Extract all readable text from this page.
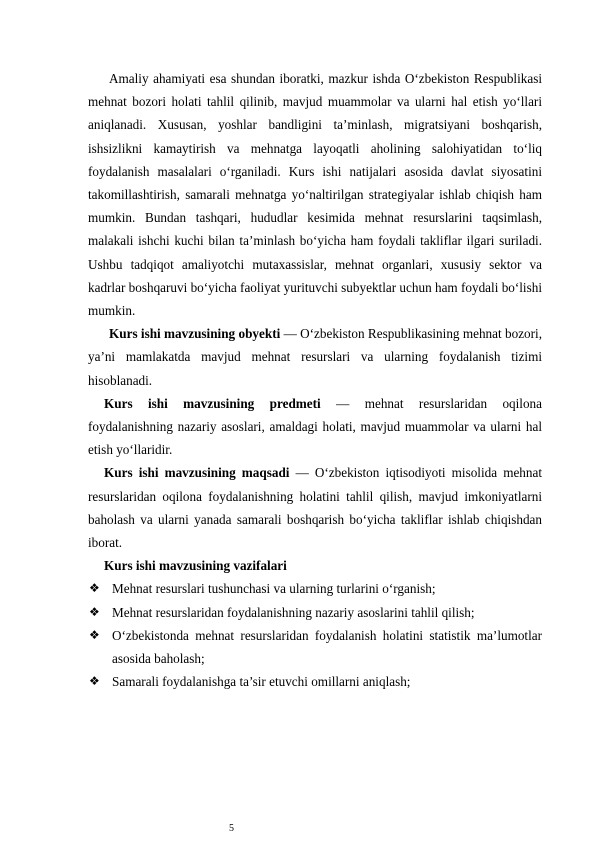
Amaliy ahamiyati esa shundan iboratki, mazkur ishda O‘zbekiston Respublikasi mehnat bozori holati tahlil qilinib, mavjud muammolar va ularni hal etish yo‘llari aniqlanadi. Xususan, yoshlar bandligini ta’minlash, migratsiyani boshqarish, ishsizlikni kamaytirish va mehnatga layoqatli aholining salohiyatidan to‘liq foydalanish masalalari o‘rganiladi. Kurs ishi natijalari asosida davlat siyosatini takomillashtirish, samarali mehnatga yo‘naltirilgan strategiyalar ishlab chiqish ham mumkin. Bundan tashqari, hududlar kesimida mehnat resurslarini taqsimlash, malakali ishchi kuchi bilan ta’minlash bo‘yicha ham foydali takliflar ilgari suriladi. Ushbu tadqiqot amaliyotchi mutaxassislar, mehnat organlari, xususiy sektor va kadrlar boshqaruvi bo‘yicha faoliyat yurituvchi subyektlar uchun ham foydali bo‘lishi mumkin.

Kurs ishi mavzusining obyekti — O‘zbekiston Respublikasining mehnat bozori, ya’ni mamlakatda mavjud mehnat resurslari va ularning foydalanish tizimi hisoblanadi.

Kurs ishi mavzusining predmeti — mehnat resurslaridan oqilona foydalanishning nazariy asoslari, amaldagi holati, mavjud muammolar va ularni hal etish yo‘llaridir.

Kurs ishi mavzusining maqsadi — O‘zbekiston iqtisodiyoti misolida mehnat resurslaridan oqilona foydalanishning holatini tahlil qilish, mavjud imkoniyatlarni baholash va ularni yanada samarali boshqarish bo‘yicha takliflar ishlab chiqishdan iborat.

Kurs ishi mavzusining vazifalari

❖ Mehnat resurslari tushunchasi va ularning turlarini o‘rganish;
❖ Mehnat resurslaridan foydalanishning nazariy asoslarini tahlil qilish;
❖ O‘zbekistonda mehnat resurslaridan foydalanish holatini statistik ma’lumotlar asosida baholash;
❖ Samarali foydalanishga ta’sir etuvchi omillarni aniqlash;
5
